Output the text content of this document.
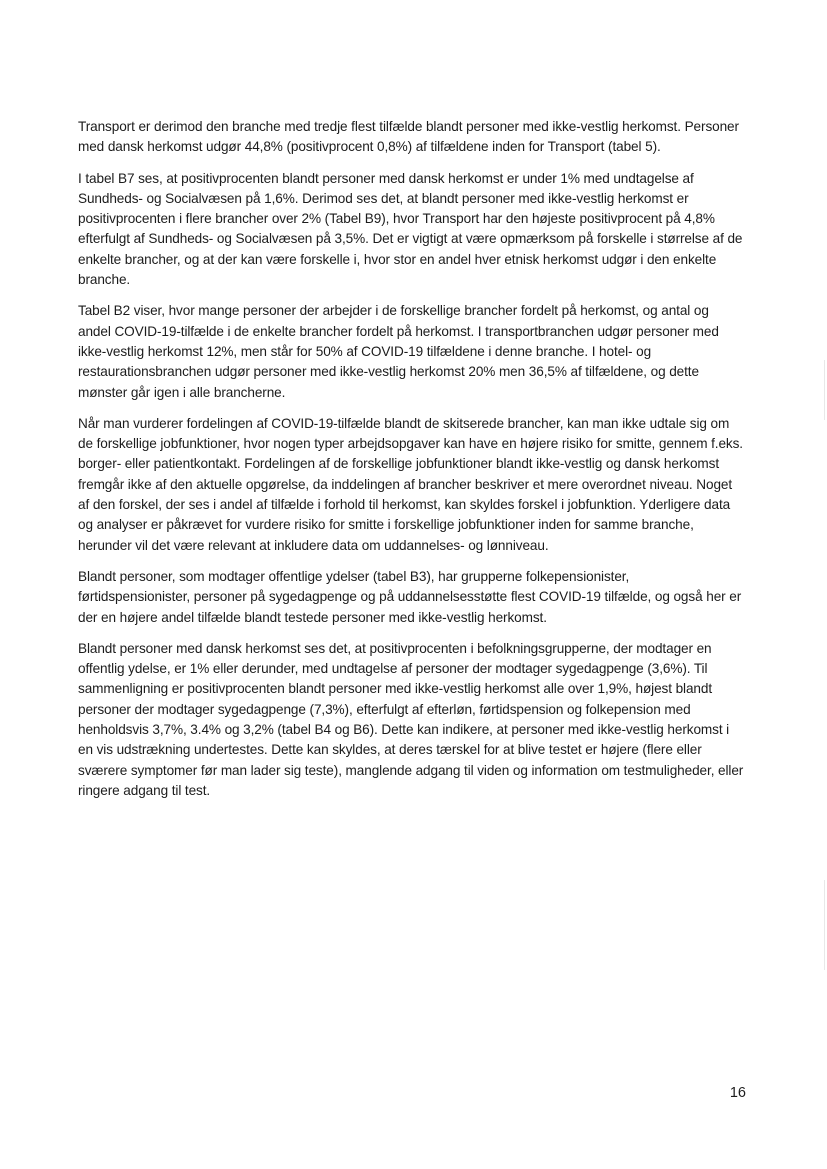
Transport er derimod den branche med tredje flest tilfælde blandt personer med ikke-vestlig herkomst. Personer med dansk herkomst udgør 44,8% (positivprocent 0,8%) af tilfældene inden for Transport (tabel 5).

I tabel B7 ses, at positivprocenten blandt personer med dansk herkomst er under 1% med undtagelse af Sundheds- og Socialvæsen på 1,6%. Derimod ses det, at blandt personer med ikke-vestlig herkomst er positivprocenten i flere brancher over 2% (Tabel B9), hvor Transport har den højeste positivprocent på 4,8% efterfulgt af Sundheds- og Socialvæsen på 3,5%. Det er vigtigt at være opmærksom på forskelle i størrelse af de enkelte brancher, og at der kan være forskelle i, hvor stor en andel hver etnisk herkomst udgør i den enkelte branche.

Tabel B2 viser, hvor mange personer der arbejder i de forskellige brancher fordelt på herkomst, og antal og andel COVID-19-tilfælde i de enkelte brancher fordelt på herkomst. I transportbranchen udgør personer med ikke-vestlig herkomst 12%, men står for 50% af COVID-19 tilfældene i denne branche. I hotel- og restaurationsbranchen udgør personer med ikke-vestlig herkomst 20% men 36,5% af tilfældene, og dette mønster går igen i alle brancherne.

Når man vurderer fordelingen af COVID-19-tilfælde blandt de skitserede brancher, kan man ikke udtale sig om de forskellige jobfunktioner, hvor nogen typer arbejdsopgaver kan have en højere risiko for smitte, gennem f.eks. borger- eller patientkontakt. Fordelingen af de forskellige jobfunktioner blandt ikke-vestlig og dansk herkomst fremgår ikke af den aktuelle opgørelse, da inddelingen af brancher beskriver et mere overordnet niveau. Noget af den forskel, der ses i andel af tilfælde i forhold til herkomst, kan skyldes forskel i jobfunktion. Yderligere data og analyser er påkrævet for vurdere risiko for smitte i forskellige jobfunktioner inden for samme branche, herunder vil det være relevant at inkludere data om uddannelses- og lønniveau.

Blandt personer, som modtager offentlige ydelser (tabel B3), har grupperne folkepensionister, førtidspensionister, personer på sygedagpenge og på uddannelsesstøtte flest COVID-19 tilfælde, og også her er der en højere andel tilfælde blandt testede personer med ikke-vestlig herkomst.

Blandt personer med dansk herkomst ses det, at positivprocenten i befolkningsgrupperne, der modtager en offentlig ydelse, er 1% eller derunder, med undtagelse af personer der modtager sygedagpenge (3,6%). Til sammenligning er positivprocenten blandt personer med ikke-vestlig herkomst alle over 1,9%, højest blandt personer der modtager sygedagpenge (7,3%), efterfulgt af efterløn, førtidspension og folkepension med henholdsvis 3,7%, 3.4% og 3,2% (tabel B4 og B6). Dette kan indikere, at personer med ikke-vestlig herkomst i en vis udstrækning undertestes. Dette kan skyldes, at deres tærskel for at blive testet er højere (flere eller sværere symptomer før man lader sig teste), manglende adgang til viden og information om testmuligheder, eller ringere adgang til test.

16
